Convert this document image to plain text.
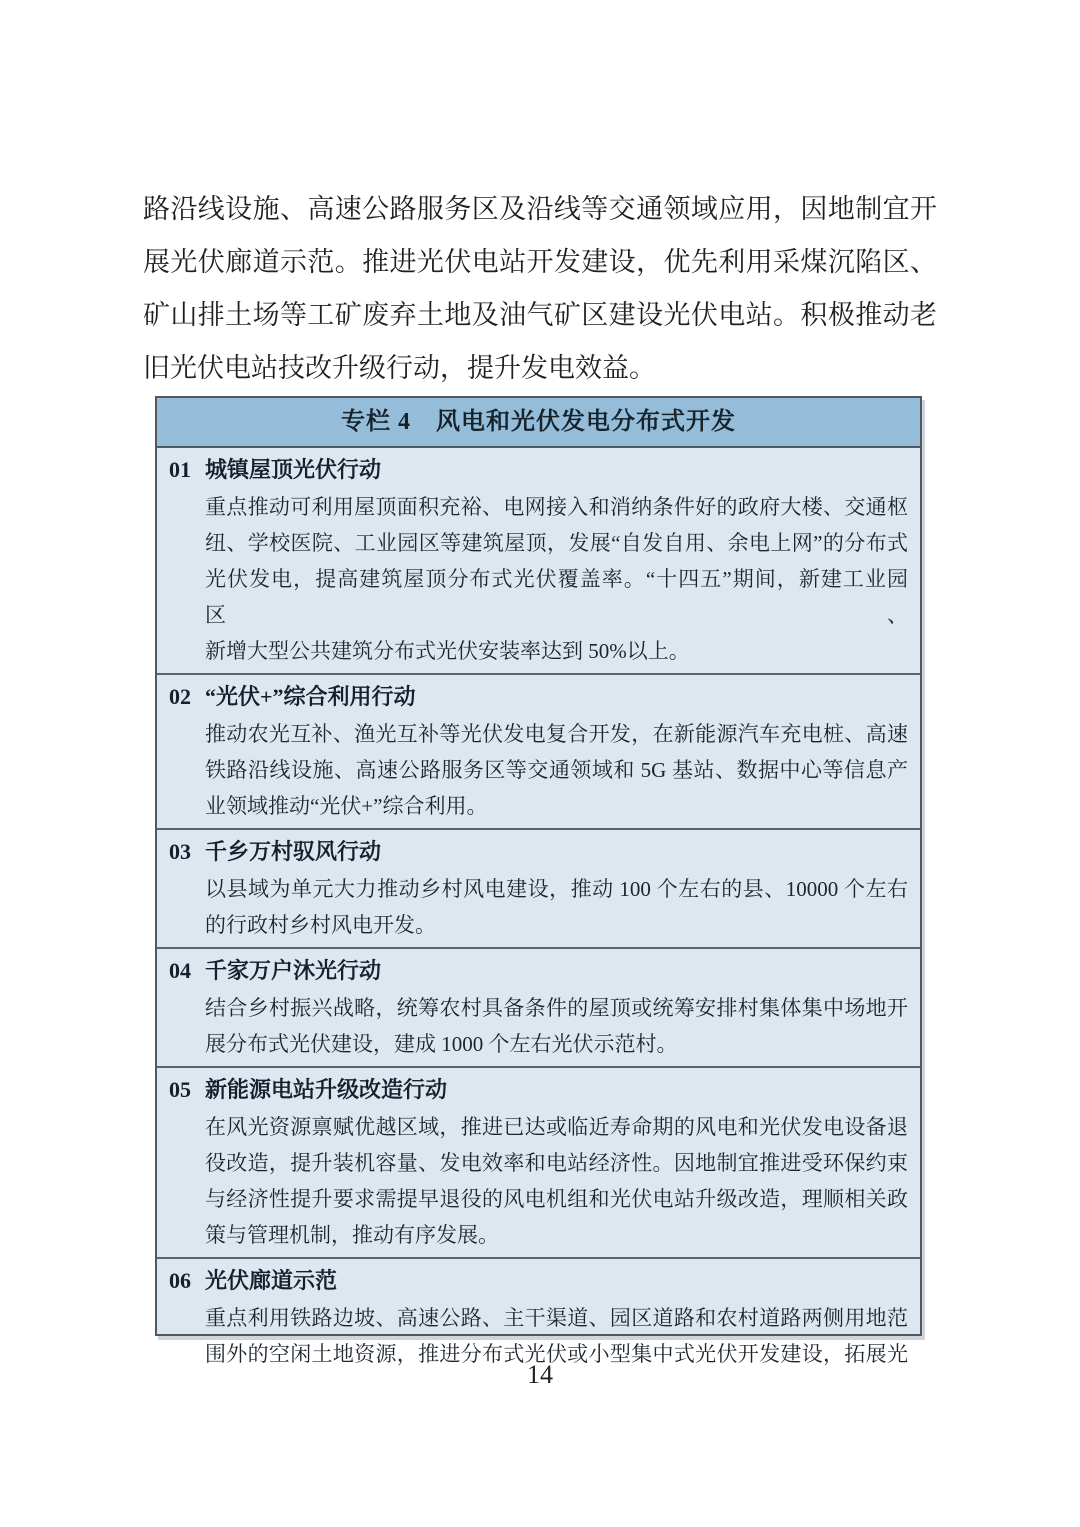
路沿线设施、高速公路服务区及沿线等交通领域应用，因地制宜开
展光伏廊道示范。推进光伏电站开发建设，优先利用采煤沉陷区、
矿山排土场等工矿废弃土地及油气矿区建设光伏电站。积极推动老
旧光伏电站技改升级行动，提升发电效益。
专栏 4　风电和光伏发电分布式开发
01 城镇屋顶光伏行动
重点推动可利用屋顶面积充裕、电网接入和消纳条件好的政府大楼、交通枢
纽、学校医院、工业园区等建筑屋顶，发展“自发自用、余电上网”的分布式
光伏发电，提高建筑屋顶分布式光伏覆盖率。“十四五”期间，新建工业园区、
新增大型公共建筑分布式光伏安装率达到 50%以上。
02 “光伏+”综合利用行动
推动农光互补、渔光互补等光伏发电复合开发，在新能源汽车充电桩、高速
铁路沿线设施、高速公路服务区等交通领域和 5G 基站、数据中心等信息产
业领域推动“光伏+”综合利用。
03 千乡万村驭风行动
以县域为单元大力推动乡村风电建设，推动 100 个左右的县、10000 个左右
的行政村乡村风电开发。
04 千家万户沐光行动
结合乡村振兴战略，统筹农村具备条件的屋顶或统筹安排村集体集中场地开
展分布式光伏建设，建成 1000 个左右光伏示范村。
05 新能源电站升级改造行动
在风光资源禀赋优越区域，推进已达或临近寿命期的风电和光伏发电设备退
役改造，提升装机容量、发电效率和电站经济性。因地制宜推进受环保约束
与经济性提升要求需提早退役的风电机组和光伏电站升级改造，理顺相关政
策与管理机制，推动有序发展。
06 光伏廊道示范
重点利用铁路边坡、高速公路、主干渠道、园区道路和农村道路两侧用地范
围外的空闲土地资源，推进分布式光伏或小型集中式光伏开发建设，拓展光
14
